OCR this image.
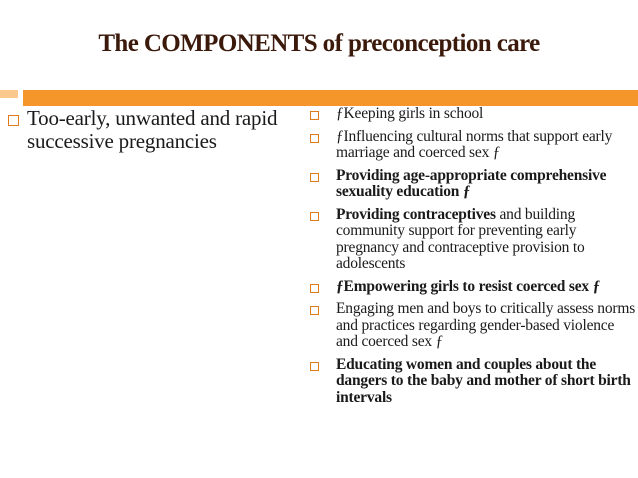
The COMPONENTS of preconception care
Too-early, unwanted and rapid successive pregnancies
ƒKeeping girls in school
ƒInfluencing cultural norms that support early marriage and coerced sex ƒ
Providing age-appropriate comprehensive sexuality education ƒ
Providing contraceptives and building community support for preventing early pregnancy and contraceptive provision to adolescents
ƒEmpowering girls to resist coerced sex ƒ
Engaging men and boys to critically assess norms and practices regarding gender-based violence and coerced sex ƒ
Educating women and couples about the dangers to the baby and mother of short birth intervals
